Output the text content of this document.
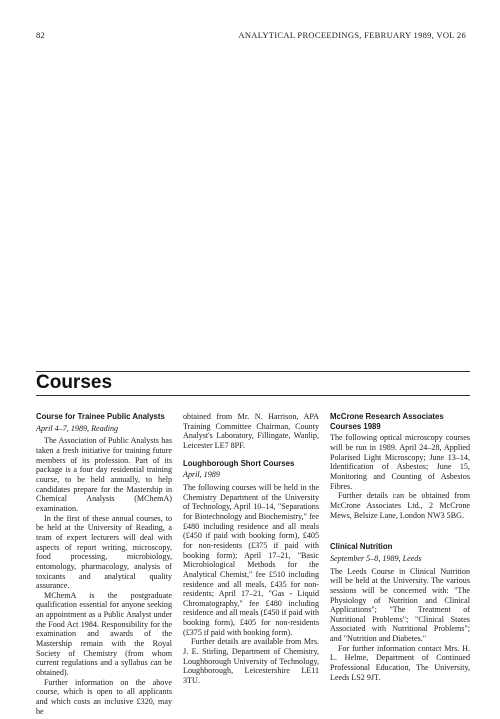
82	ANALYTICAL PROCEEDINGS, FEBRUARY 1989, VOL 26
Course for Trainee Public Analysts
April 4–7, 1989, Reading

The Association of Public Analysts has taken a fresh initiative for training future members of its profession. Part of its package is a four day residential training course, to be held annually, to help candidates prepare for the Mastership in Chemical Analysis (MChemA) examination.

In the first of these annual courses, to be held at the University of Reading, a team of expert lecturers will deal with aspects of report writing, microscopy, food processing, microbiology, entomology, pharmacology, analysis of toxicants and analytical quality assurance.

MChemA is the postgraduate qualification essential for anyone seeking an appointment as a Public Analyst under the Food Act 1984. Responsibility for the examination and awards of the Mastership remain with the Royal Society of Chemistry (from whom current regulations and a syllabus can be obtained).

Further information on the above course, which is open to all applicants and which costs an inclusive £320, may be

obtained from Mr. N. Harrison, APA Training Committee Chairman, County Analyst's Laboratory, Fillingate, Wanlip, Leicester LE7 8PF.

Loughborough Short Courses
April, 1989

The following courses will be held in the Chemistry Department of the University of Technology, April 10–14, "Separations for Biotechnology and Biochemistry," fee £480 including residence and all meals (£450 if paid with booking form), £405 for non-residents (£375 if paid with booking form); April 17–21, "Basic Microbiological Methods for the Analytical Chemist," fee £510 including residence and all meals, £435 for non-residents; April 17–21, "Gas - Liquid Chromatography," fee £480 including residence and all meals (£450 if paid with booking form), £405 for non-residents (£375 if paid with booking form).

Further details are available from Mrs. J. E. Stirling, Department of Chemistry, Loughborough University of Technology, Loughborough, Leicestershire LE11 3TU.

McCrone Research Associates Courses 1989

The following optical microscopy courses will be run in 1989. April 24–28, Applied Polarised Light Microscopy; June 13–14, Identification of Asbestos; June 15, Monitoring and Counting of Asbestos Fibres.

Further details can be obtained from McCrone Associates Ltd., 2 McCrone Mews, Belsize Lane, London NW3 5BG.

Clinical Nutrition
September 5–8, 1989, Leeds

The Leeds Course in Clinical Nutrition will be held at the University. The various sessions will be concerned with: "The Physiology of Nutrition and Clinical Applications"; "The Treatment of Nutritional Problems"; "Clinical States Associated with Nutritional Problems"; and "Nutrition and Diabetes."

For further information contact Mrs. H. L. Helme, Department of Continued Professional Education, The University, Leeds LS2 9JT.

Courses
